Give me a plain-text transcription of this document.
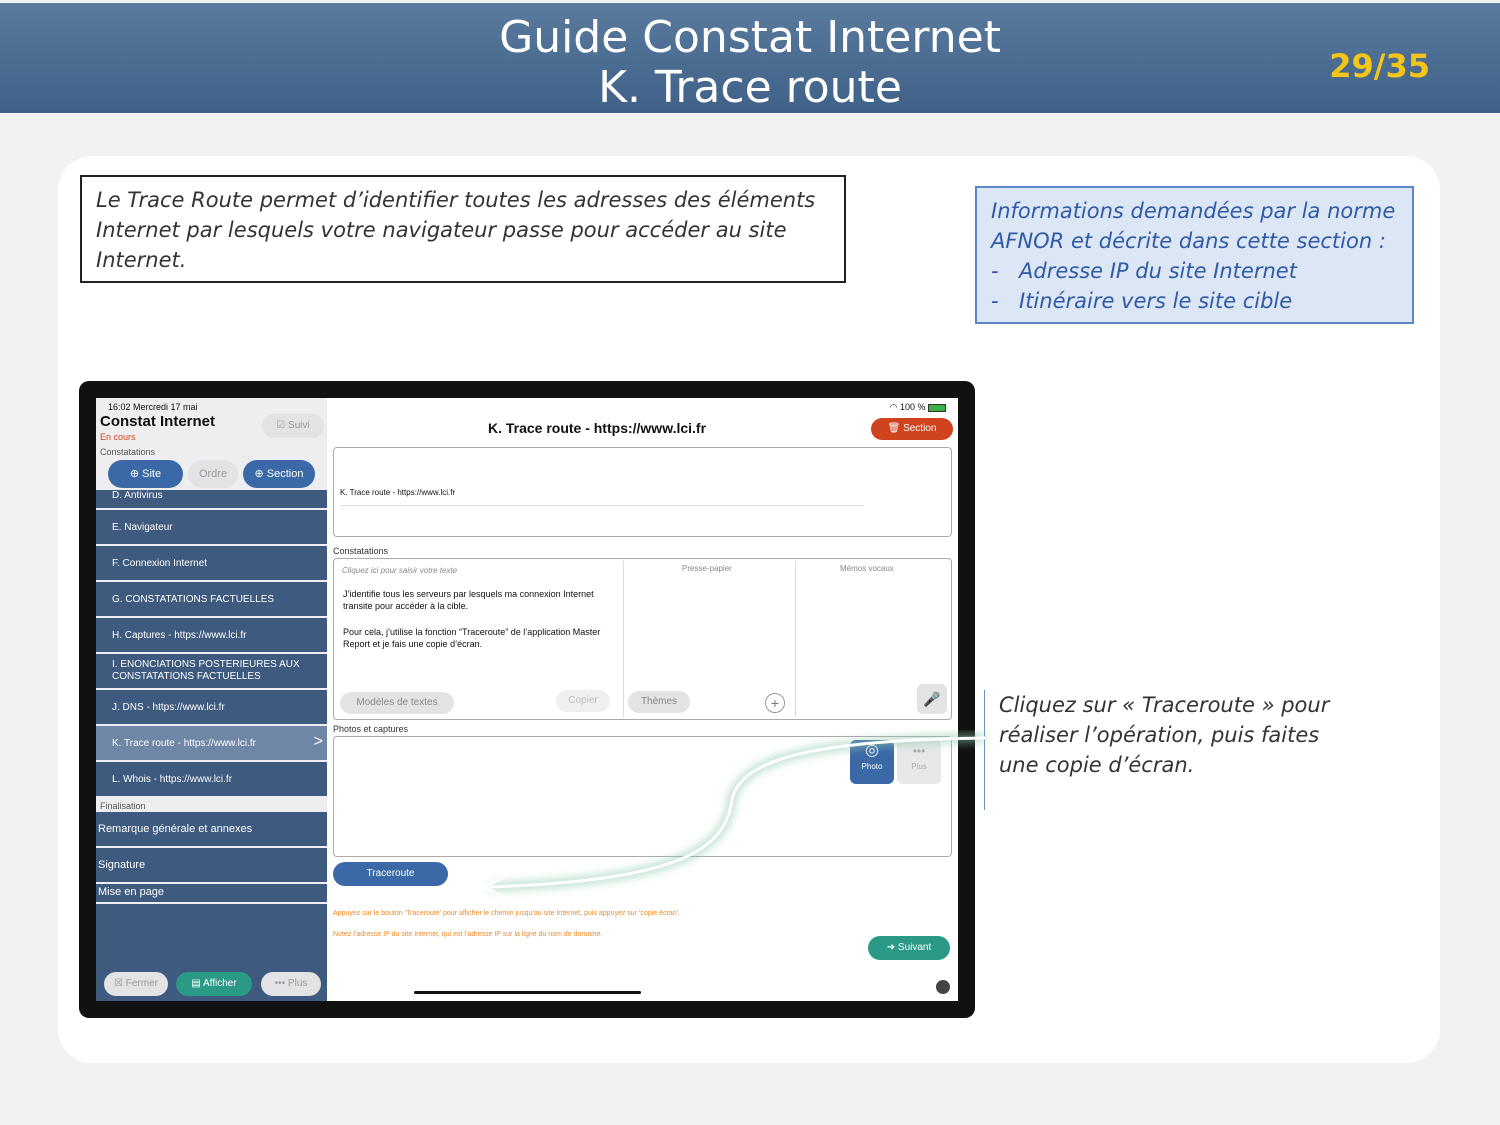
Guide Constat Internet
K. Trace route	29/35
Le Trace Route permet d’identifier toutes les adresses des éléments Internet par lesquels votre navigateur passe pour accéder au site Internet.
Informations demandées par la norme AFNOR et décrite dans cette section :
- Adresse IP du site Internet
- Itinéraire vers le site cible
Cliquez sur « Traceroute » pour réaliser l’opération, puis faites une copie d’écran.
16:02 Mercredi 17 mai
Constat Internet
En cours
☑ Suivi
Constatations
⊕ Site	Ordre	⊕ Section
D. Antivirus
E. Navigateur
F. Connexion Internet
G. CONSTATATIONS FACTUELLES
H. Captures - https://www.lci.fr
I. ENONCIATIONS POSTERIEURES AUX CONSTATATIONS FACTUELLES
J. DNS - https://www.lci.fr
K. Trace route - https://www.lci.fr	>
L. Whois - https://www.lci.fr
Finalisation
Remarque générale et annexes
Signature
Mise en page
☒ Fermer	▤ Afficher	••• Plus
◠ 100 %
K. Trace route - https://www.lci.fr	🗑 Section
K. Trace route - https://www.lci.fr
Constatations
Cliquez ici pour saisir votre texte	Presse-papier	Mémos vocaux
J’identifie tous les serveurs par lesquels ma connexion Internet transite pour accéder à la cible.
Pour cela, j’utilise la fonction “Traceroute” de l’application Master Report et je fais une copie d’écran.
Modèles de textes	Copier	Thèmes	+	🎤
Photos et captures
◎
Photo
•••
Plus
Traceroute
Appuyez sur le bouton ‘Traceroute’ pour afficher le chemin jusqu’au site Internet, puis appuyez sur ‘copie écran’.
Notez l’adresse IP du site Internet, qui est l’adresse IP sur la ligne du nom de domaine.
➜ Suivant
